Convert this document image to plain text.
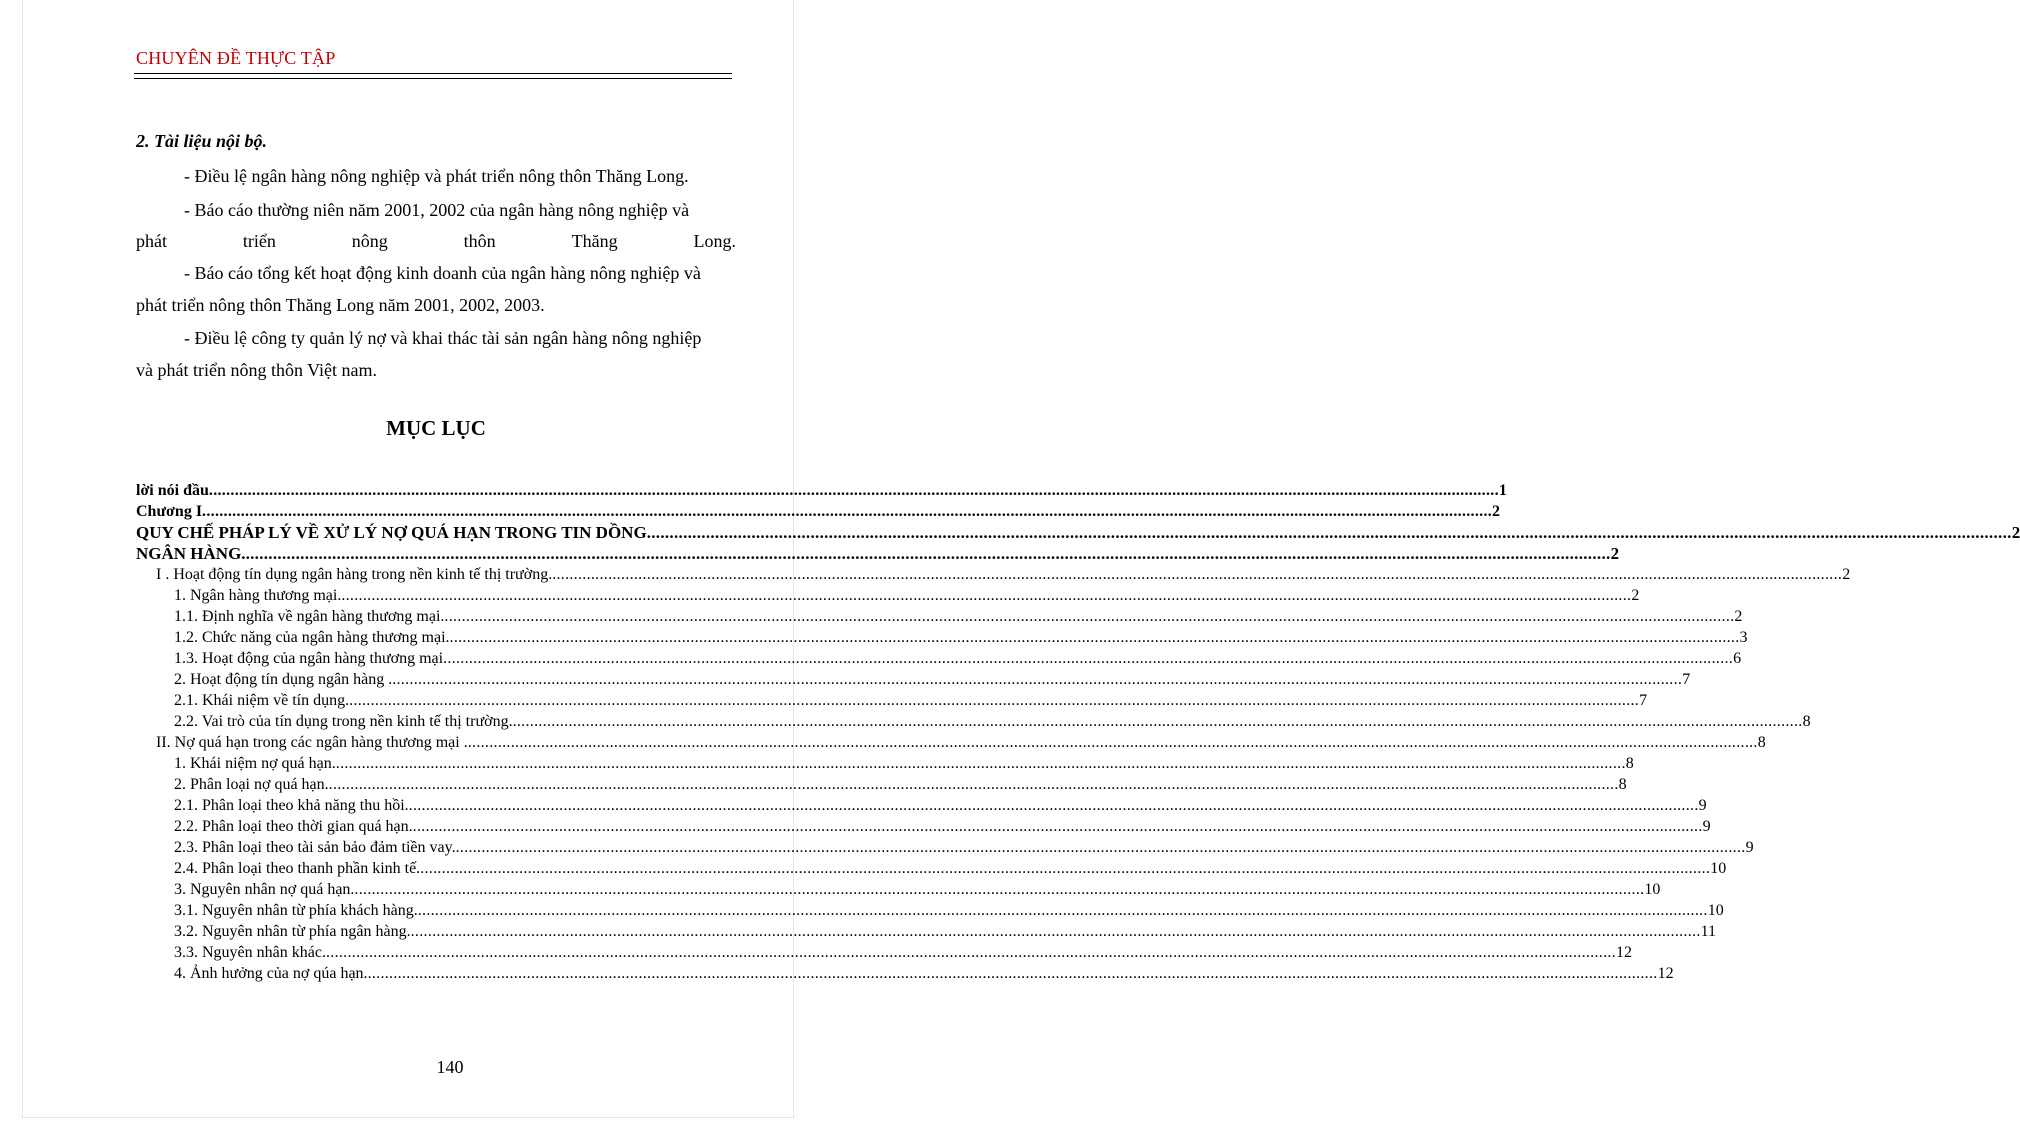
CHUYÊN ĐỀ THỰC TẬP
2. Tài liệu nội bộ.
- Điều lệ ngân hàng nông nghiệp và phát triển nông thôn Thăng Long.
- Báo cáo thường niên năm 2001, 2002 của ngân hàng nông nghiệp và
phát	triển	nông	thôn	Thăng	Long.
- Báo cáo tổng kết hoạt động kinh doanh của ngân hàng nông nghiệp và
phát triển nông thôn Thăng Long năm 2001, 2002, 2003.
- Điều lệ công ty quản lý nợ và khai thác tài sản ngân hàng nông nghiệp
và phát triển nông thôn Việt nam.
MỤC LỤC
lời nói đầu ............................................................................................................................................................................................................................................................................................................ 1
Chương I ............................................................................................................................................................................................................................................................................................................ 2
QUY CHẾ PHÁP LÝ VỀ XỬ LÝ NỢ QUÁ HẠN TRONG TIN DỒNG ............................................................................................................................................................................................................................................................................................................ 2
NGÂN HÀNG. ............................................................................................................................................................................................................................................................................................................ 2
I . Hoạt động tín dụng ngân hàng trong nền kinh tế thị trường. ............................................................................................................................................................................................................................................................................................................ 2
1. Ngân hàng thương mại. ............................................................................................................................................................................................................................................................................................................ 2
1.1. Định nghĩa về ngân hàng thương mại. ............................................................................................................................................................................................................................................................................................................ 2
1.2. Chức năng của ngân hàng thương mại. ............................................................................................................................................................................................................................................................................................................ 3
1.3. Hoạt động của ngân hàng thương mại ............................................................................................................................................................................................................................................................................................................ 6
2. Hoạt động tín dụng ngân hàng . ............................................................................................................................................................................................................................................................................................................ 7
2.1. Khái niệm về tín dụng. ............................................................................................................................................................................................................................................................................................................ 7
2.2. Vai trò của tín dụng trong nền kinh tế thị trường. ............................................................................................................................................................................................................................................................................................................ 8
II. Nợ quá hạn trong các ngân hàng thương mại . ............................................................................................................................................................................................................................................................................................................ 8
1. Khái niệm nợ quá hạn. ............................................................................................................................................................................................................................................................................................................ 8
2. Phân loại nợ quá hạn. ............................................................................................................................................................................................................................................................................................................ 8
2.1. Phân loại theo khả năng thu hồi. ............................................................................................................................................................................................................................................................................................................ 9
2.2. Phân loại theo thời gian quá hạn. ............................................................................................................................................................................................................................................................................................................ 9
2.3. Phân loại theo tài sản bảo đảm tiền vay. ............................................................................................................................................................................................................................................................................................................ 9
2.4. Phân loại theo thanh phần kinh tế. ............................................................................................................................................................................................................................................................................................................ 10
3. Nguyên nhân nợ quá hạn. ............................................................................................................................................................................................................................................................................................................ 10
3.1. Nguyên nhân từ phía khách hàng. ............................................................................................................................................................................................................................................................................................................ 10
3.2. Nguyên nhân từ phía ngân hàng. ............................................................................................................................................................................................................................................................................................................ 11
3.3. Nguyên nhân khác. ............................................................................................................................................................................................................................................................................................................ 12
4. Ảnh hưởng của nợ qúa hạn. ............................................................................................................................................................................................................................................................................................................ 12
140
